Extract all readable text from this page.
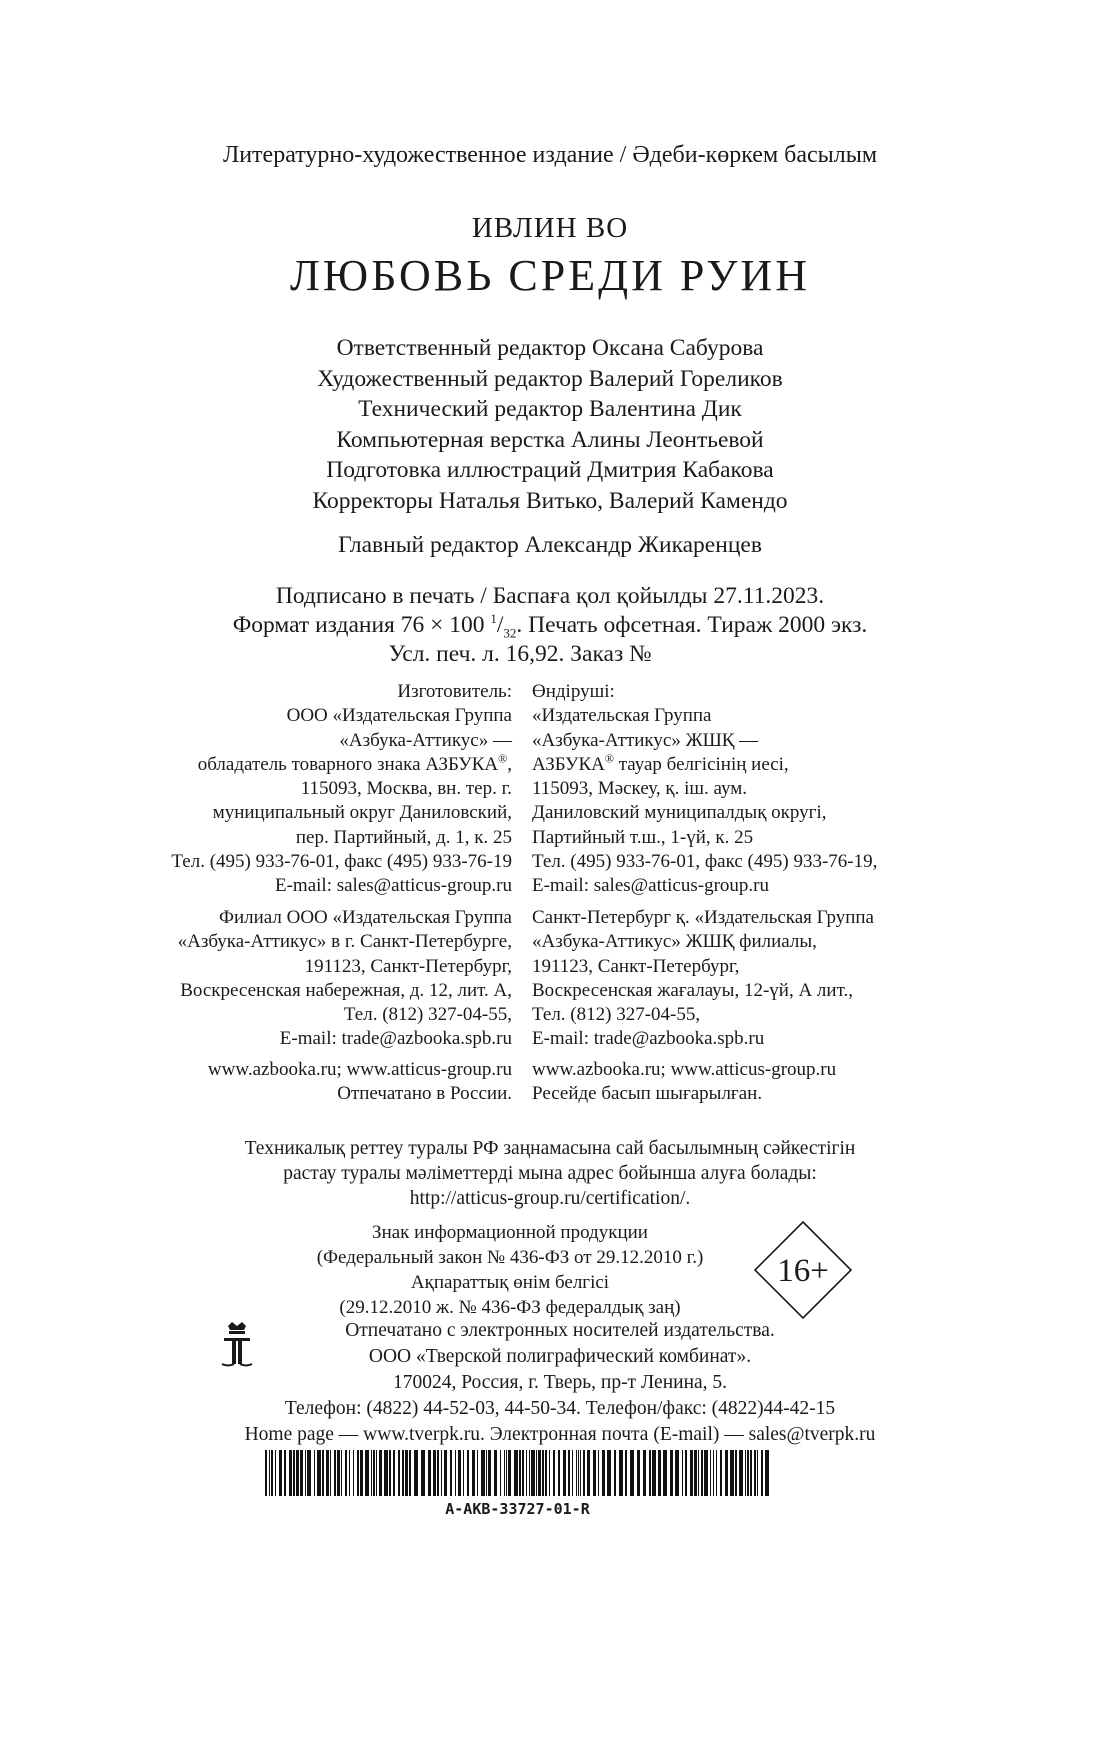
Литературно-художественное издание / Әдеби-көркем басылым
ИВЛИН ВО
ЛЮБОВЬ СРЕДИ РУИН
Ответственный редактор Оксана Сабурова
Художественный редактор Валерий Гореликов
Технический редактор Валентина Дик
Компьютерная верстка Алины Леонтьевой
Подготовка иллюстраций Дмитрия Кабакова
Корректоры Наталья Витько, Валерий Камендо
Главный редактор Александр Жикаренцев
Подписано в печать / Баспаға қол қойылды 27.11.2023.
Формат издания 76 × 100 $^1/_{32}$. Печать офсетная. Тираж 2000 экз.
Усл. печ. л. 16,92. Заказ №
Изготовитель:
ООО «Издательская Группа
«Азбука-Аттикус» —
обладатель товарного знака АЗБУКА®,
115093, Москва, вн. тер. г.
муниципальный округ Даниловский,
пер. Партийный, д. 1, к. 25
Тел. (495) 933-76-01, факс (495) 933-76-19
E-mail: sales@atticus-group.ru
Өндіруші:
«Издательская Группа
«Азбука-Аттикус» ЖШҚ —
АЗБУКА® тауар белгісінің иесі,
115093, Мәскеу, қ. іш. аум.
Даниловский муниципалдық округі,
Партийный т.ш., 1-үй, к. 25
Тел. (495) 933-76-01, факс (495) 933-76-19,
E-mail: sales@atticus-group.ru
Филиал ООО «Издательская Группа
«Азбука-Аттикус» в г. Санкт-Петербурге,
191123, Санкт-Петербург,
Воскресенская набережная, д. 12, лит. А,
Тел. (812) 327-04-55,
E-mail: trade@azbooka.spb.ru
Санкт-Петербург қ. «Издательская Группа
«Азбука-Аттикус» ЖШҚ филиалы,
191123, Санкт-Петербург,
Воскресенская жағалауы, 12-үй, А лит.,
Тел. (812) 327-04-55,
E-mail: trade@azbooka.spb.ru
www.azbooka.ru; www.atticus-group.ru
Отпечатано в России.
www.azbooka.ru; www.atticus-group.ru
Ресейде басып шығарылған.
Техникалық реттеу туралы РФ заңнамасына сай басылымның сәйкестігін
растау туралы мәліметтерді мына адрес бойынша алуға болады:
http://atticus-group.ru/certification/.
Знак информационной продукции
(Федеральный закон № 436-ФЗ от 29.12.2010 г.)
Ақпараттық өнім белгісі
(29.12.2010 ж. № 436-ФЗ федералдық заң)
16+
Отпечатано с электронных носителей издательства.
ООО «Тверской полиграфический комбинат».
170024, Россия, г. Тверь, пр-т Ленина, 5.
Телефон: (4822) 44-52-03, 44-50-34. Телефон/факс: (4822)44-42-15
Home page — www.tverpk.ru. Электронная почта (E-mail) — sales@tverpk.ru
A-AKB-33727-01-R
